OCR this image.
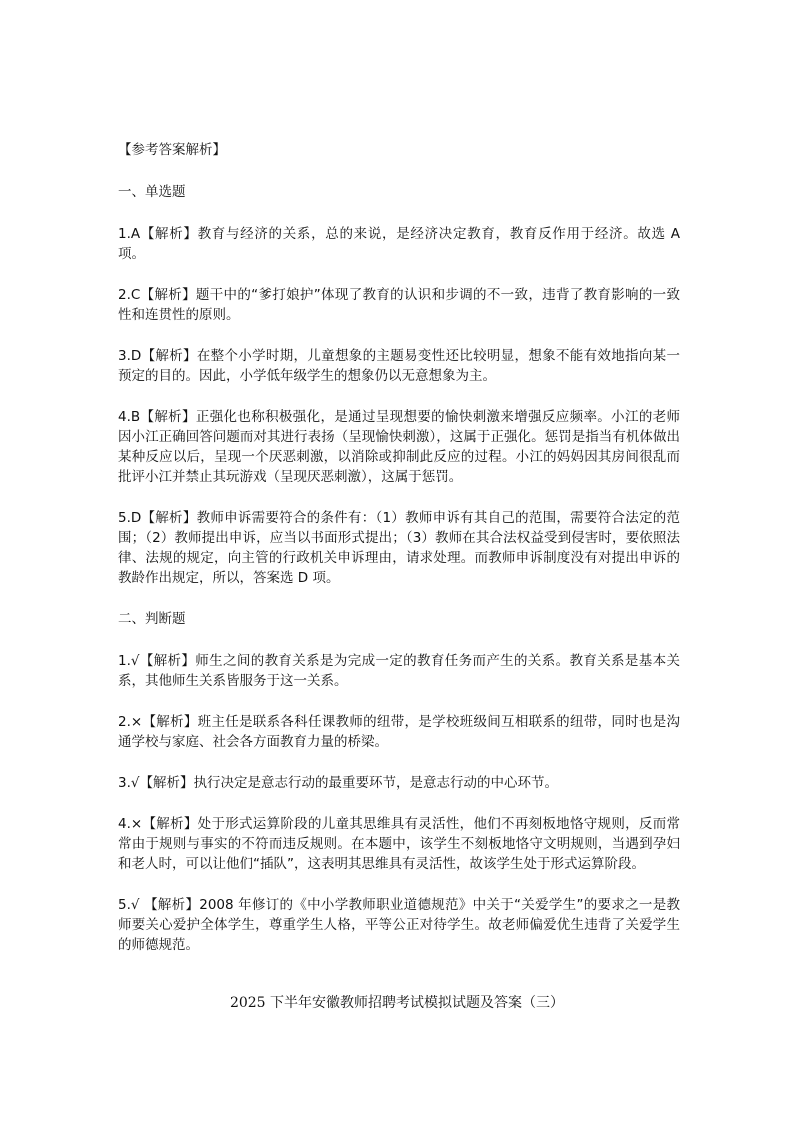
【参考答案解析】
一、单选题
1.A【解析】教育与经济的关系，总的来说，是经济决定教育，教育反作用于经济。故选 A 项。
2.C【解析】题干中的“爹打娘护”体现了教育的认识和步调的不一致，违背了教育影响的一致性和连贯性的原则。
3.D【解析】在整个小学时期，儿童想象的主题易变性还比较明显，想象不能有效地指向某一预定的目的。因此，小学低年级学生的想象仍以无意想象为主。
4.B【解析】正强化也称积极强化，是通过呈现想要的愉快刺激来增强反应频率。小江的老师因小江正确回答问题而对其进行表扬（呈现愉快刺激），这属于正强化。惩罚是指当有机体做出某种反应以后，呈现一个厌恶刺激，以消除或抑制此反应的过程。小江的妈妈因其房间很乱而批评小江并禁止其玩游戏（呈现厌恶刺激），这属于惩罚。
5.D【解析】教师申诉需要符合的条件有：（1）教师申诉有其自己的范围，需要符合法定的范围；（2）教师提出申诉，应当以书面形式提出；（3）教师在其合法权益受到侵害时，要依照法律、法规的规定，向主管的行政机关申诉理由，请求处理。而教师申诉制度没有对提出申诉的教龄作出规定，所以，答案选 D 项。
二、判断题
1.√【解析】师生之间的教育关系是为完成一定的教育任务而产生的关系。教育关系是基本关系，其他师生关系皆服务于这一关系。
2.×【解析】班主任是联系各科任课教师的纽带，是学校班级间互相联系的纽带，同时也是沟通学校与家庭、社会各方面教育力量的桥梁。
3.√【解析】执行决定是意志行动的最重要环节，是意志行动的中心环节。
4.×【解析】处于形式运算阶段的儿童其思维具有灵活性，他们不再刻板地恪守规则，反而常常由于规则与事实的不符而违反规则。在本题中，该学生不刻板地恪守文明规则，当遇到孕妇和老人时，可以让他们“插队”，这表明其思维具有灵活性，故该学生处于形式运算阶段。
5.√ 【解析】2008 年修订的《中小学教师职业道德规范》中关于“关爱学生”的要求之一是教师要关心爱护全体学生，尊重学生人格，平等公正对待学生。故老师偏爱优生违背了关爱学生的师德规范。
2025 下半年安徽教师招聘考试模拟试题及答案（三）
